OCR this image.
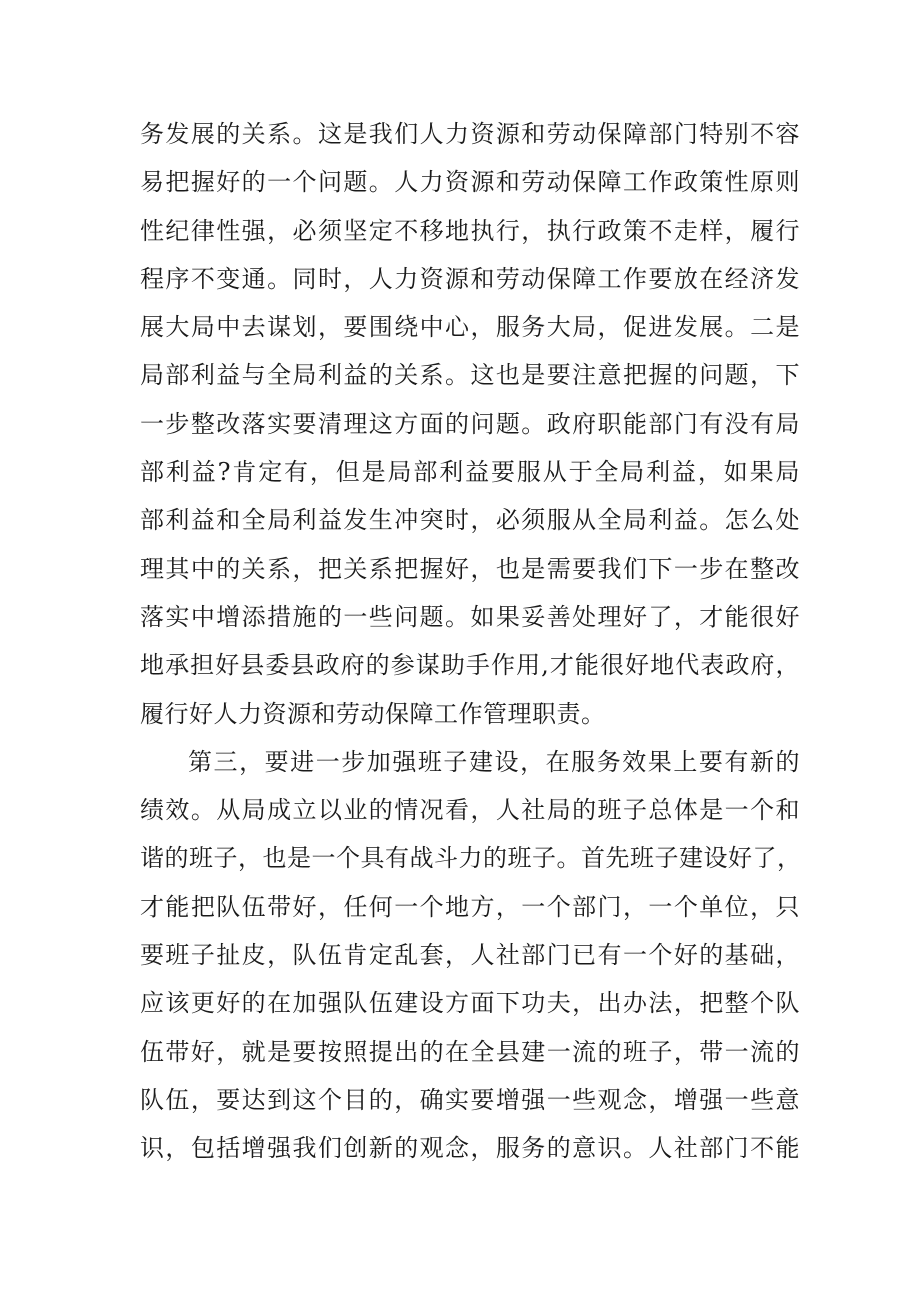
务发展的关系。这是我们人力资源和劳动保障部门特别不容
易把握好的一个问题。人力资源和劳动保障工作政策性原则
性纪律性强，必须坚定不移地执行，执行政策不走样，履行
程序不变通。同时，人力资源和劳动保障工作要放在经济发
展大局中去谋划，要围绕中心，服务大局，促进发展。二是
局部利益与全局利益的关系。这也是要注意把握的问题，下
一步整改落实要清理这方面的问题。政府职能部门有没有局
部利益?肯定有，但是局部利益要服从于全局利益，如果局
部利益和全局利益发生冲突时，必须服从全局利益。怎么处
理其中的关系，把关系把握好，也是需要我们下一步在整改
落实中增添措施的一些问题。如果妥善处理好了，才能很好
地承担好县委县政府的参谋助手作用,才能很好地代表政府，
履行好人力资源和劳动保障工作管理职责。
第三，要进一步加强班子建设，在服务效果上要有新的
绩效。从局成立以业的情况看，人社局的班子总体是一个和
谐的班子，也是一个具有战斗力的班子。首先班子建设好了，
才能把队伍带好，任何一个地方，一个部门，一个单位，只
要班子扯皮，队伍肯定乱套，人社部门已有一个好的基础，
应该更好的在加强队伍建设方面下功夫，出办法，把整个队
伍带好，就是要按照提出的在全县建一流的班子，带一流的
队伍，要达到这个目的，确实要增强一些观念，增强一些意
识，包括增强我们创新的观念，服务的意识。人社部门不能
